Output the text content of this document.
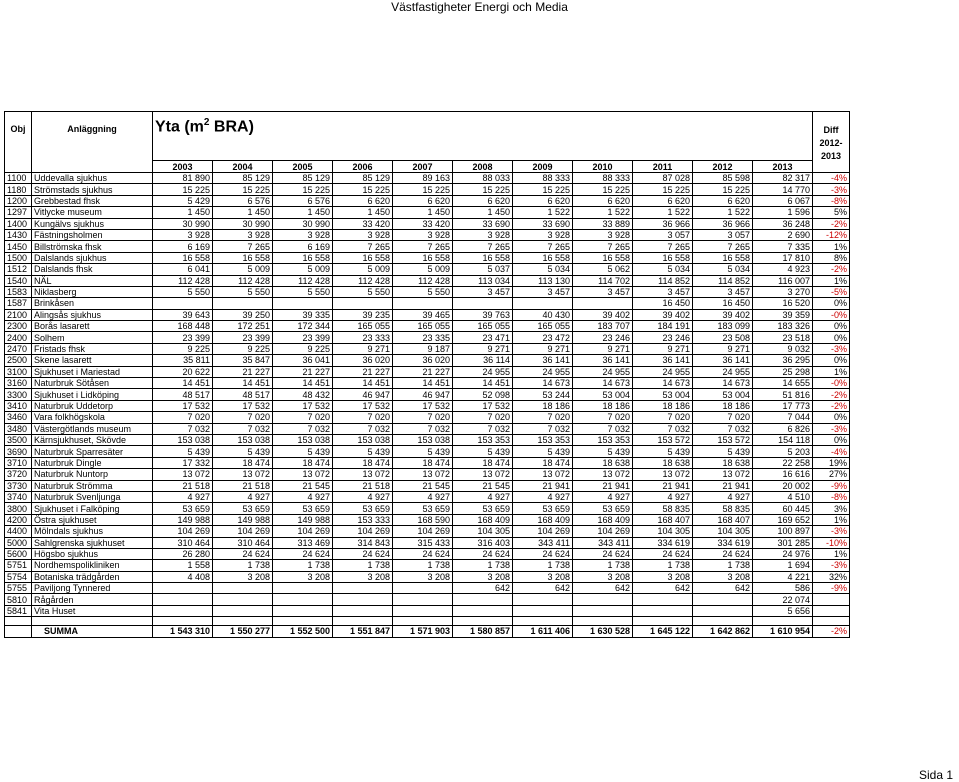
Västfastigheter Energi och Media
Obj	Anläggning	Yta ($m^2$ BRA)											Diff 2012-2013
		2003	2004	2005	2006	2007	2008	2009	2010	2011	2012	2013	
1100	Uddevalla sjukhus	81 890	85 129	85 129	85 129	89 163	88 033	88 333	88 333	87 028	85 598	82 317	-4%
1180	Strömstads sjukhus	15 225	15 225	15 225	15 225	15 225	15 225	15 225	15 225	15 225	15 225	14 770	-3%
1200	Grebbestad fhsk	5 429	6 576	6 576	6 620	6 620	6 620	6 620	6 620	6 620	6 620	6 067	-8%
1297	Vitlycke museum	1 450	1 450	1 450	1 450	1 450	1 450	1 522	1 522	1 522	1 522	1 596	5%
1400	Kungälvs sjukhus	30 990	30 990	30 990	33 420	33 420	33 690	33 690	33 889	36 966	36 966	36 248	-2%
1430	Fästningsholmen	3 928	3 928	3 928	3 928	3 928	3 928	3 928	3 928	3 057	3 057	2 690	-12%
1450	Billströmska fhsk	6 169	7 265	6 169	7 265	7 265	7 265	7 265	7 265	7 265	7 265	7 335	1%
1500	Dalslands sjukhus	16 558	16 558	16 558	16 558	16 558	16 558	16 558	16 558	16 558	16 558	17 810	8%
1512	Dalslands fhsk	6 041	5 009	5 009	5 009	5 009	5 037	5 034	5 062	5 034	5 034	4 923	-2%
1540	NÄL	112 428	112 428	112 428	112 428	112 428	113 034	113 130	114 702	114 852	114 852	116 007	1%
1583	Niklasberg	5 550	5 550	5 550	5 550	5 550	3 457	3 457	3 457	3 457	3 457	3 270	-5%
1587	Brinkåsen									16 450	16 450	16 520	0%
2100	Alingsås sjukhus	39 643	39 250	39 335	39 235	39 465	39 763	40 430	39 402	39 402	39 402	39 359	-0%
2300	Borås lasarett	168 448	172 251	172 344	165 055	165 055	165 055	165 055	183 707	184 191	183 099	183 326	0%
2400	Solhem	23 399	23 399	23 399	23 333	23 335	23 471	23 472	23 246	23 246	23 508	23 518	0%
2470	Fristads fhsk	9 225	9 225	9 225	9 271	9 187	9 271	9 271	9 271	9 271	9 271	9 032	-3%
2500	Skene lasarett	35 811	35 847	36 041	36 020	36 020	36 114	36 141	36 141	36 141	36 141	36 295	0%
3100	Sjukhuset i Mariestad	20 622	21 227	21 227	21 227	21 227	24 955	24 955	24 955	24 955	24 955	25 298	1%
3160	Naturbruk Sötåsen	14 451	14 451	14 451	14 451	14 451	14 451	14 673	14 673	14 673	14 673	14 655	-0%
3300	Sjukhuset i Lidköping	48 517	48 517	48 432	46 947	46 947	52 098	53 244	53 004	53 004	53 004	51 816	-2%
3410	Naturbruk Uddetorp	17 532	17 532	17 532	17 532	17 532	17 532	18 186	18 186	18 186	18 186	17 773	-2%
3460	Vara folkhögskola	7 020	7 020	7 020	7 020	7 020	7 020	7 020	7 020	7 020	7 020	7 044	0%
3480	Västergötlands museum	7 032	7 032	7 032	7 032	7 032	7 032	7 032	7 032	7 032	7 032	6 826	-3%
3500	Kärnsjukhuset, Skövde	153 038	153 038	153 038	153 038	153 038	153 353	153 353	153 353	153 572	153 572	154 118	0%
3690	Naturbruk Sparresäter	5 439	5 439	5 439	5 439	5 439	5 439	5 439	5 439	5 439	5 439	5 203	-4%
3710	Naturbruk Dingle	17 332	18 474	18 474	18 474	18 474	18 474	18 474	18 638	18 638	18 638	22 258	19%
3720	Naturbruk Nuntorp	13 072	13 072	13 072	13 072	13 072	13 072	13 072	13 072	13 072	13 072	16 616	27%
3730	Naturbruk Strömma	21 518	21 518	21 545	21 518	21 545	21 545	21 941	21 941	21 941	21 941	20 002	-9%
3740	Naturbruk Svenljunga	4 927	4 927	4 927	4 927	4 927	4 927	4 927	4 927	4 927	4 927	4 510	-8%
3800	Sjukhuset i Falköping	53 659	53 659	53 659	53 659	53 659	53 659	53 659	53 659	58 835	58 835	60 445	3%
4200	Östra sjukhuset	149 988	149 988	149 988	153 333	168 590	168 409	168 409	168 409	168 407	168 407	169 652	1%
4400	Mölndals sjukhus	104 269	104 269	104 269	104 269	104 269	104 305	104 269	104 269	104 305	104 305	100 897	-3%
5000	Sahlgrenska sjukhuset	310 464	310 464	313 469	314 843	315 433	316 403	343 411	343 411	334 619	334 619	301 285	-10%
5600	Högsbo sjukhus	26 280	24 624	24 624	24 624	24 624	24 624	24 624	24 624	24 624	24 624	24 976	1%
5751	Nordhemspolikliniken	1 558	1 738	1 738	1 738	1 738	1 738	1 738	1 738	1 738	1 738	1 694	-3%
5754	Botaniska trädgården	4 408	3 208	3 208	3 208	3 208	3 208	3 208	3 208	3 208	3 208	4 221	32%
5755	Paviljong Tynnered						642	642	642	642	642	586	-9%
5810	Rågården											22 074	
5841	Vita Huset											5 656	

	SUMMA	1 543 310	1 550 277	1 552 500	1 551 847	1 571 903	1 580 857	1 611 406	1 630 528	1 645 122	1 642 862	1 610 954	-2%
Sida 1
